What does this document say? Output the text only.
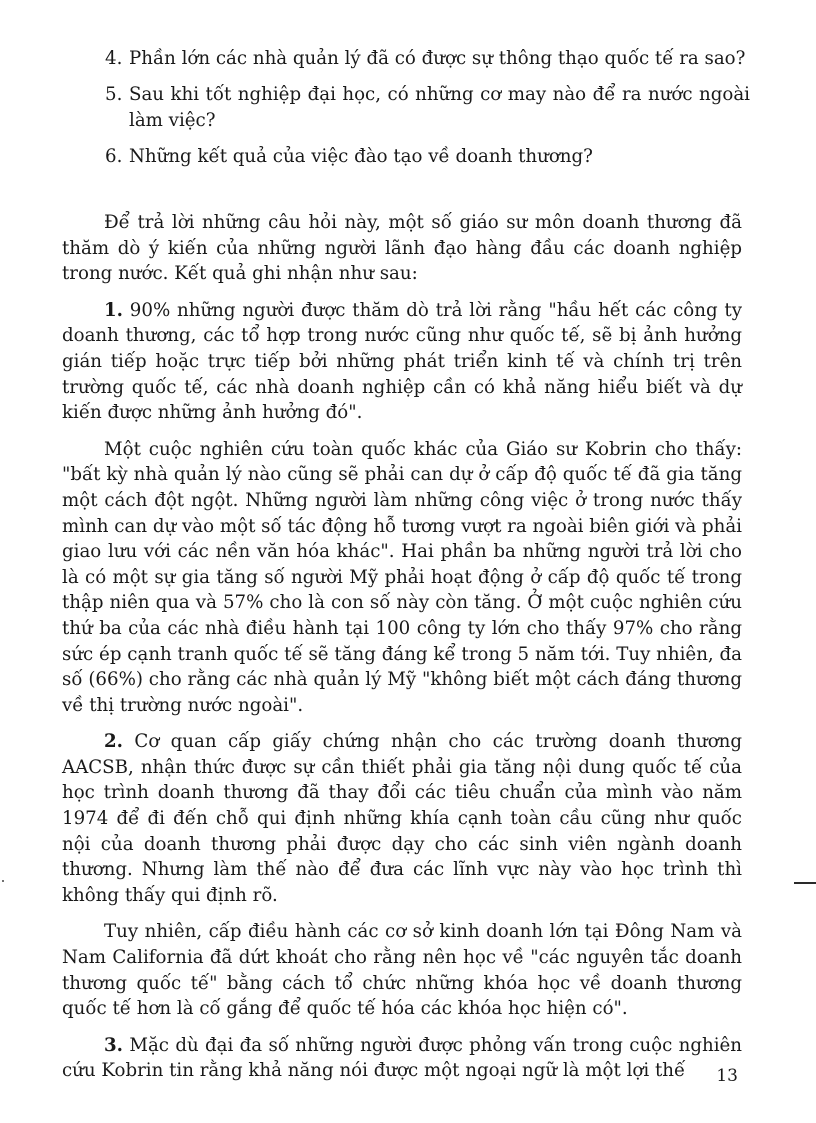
4. Phần lớn các nhà quản lý đã có được sự thông thạo quốc tế ra sao?
5. Sau khi tốt nghiệp đại học, có những cơ may nào để ra nước ngoài làm việc?
6. Những kết quả của việc đào tạo về doanh thương?

Để trả lời những câu hỏi này, một số giáo sư môn doanh thương đã thăm dò ý kiến của những người lãnh đạo hàng đầu các doanh nghiệp trong nước. Kết quả ghi nhận như sau:

1. 90% những người được thăm dò trả lời rằng "hầu hết các công ty doanh thương, các tổ hợp trong nước cũng như quốc tế, sẽ bị ảnh hưởng gián tiếp hoặc trực tiếp bởi những phát triển kinh tế và chính trị trên trường quốc tế, các nhà doanh nghiệp cần có khả năng hiểu biết và dự kiến được những ảnh hưởng đó".

Một cuộc nghiên cứu toàn quốc khác của Giáo sư Kobrin cho thấy: "bất kỳ nhà quản lý nào cũng sẽ phải can dự ở cấp độ quốc tế đã gia tăng một cách đột ngột. Những người làm những công việc ở trong nước thấy mình can dự vào một số tác động hỗ tương vượt ra ngoài biên giới và phải giao lưu với các nền văn hóa khác". Hai phần ba những người trả lời cho là có một sự gia tăng số người Mỹ phải hoạt động ở cấp độ quốc tế trong thập niên qua và 57% cho là con số này còn tăng. Ở một cuộc nghiên cứu thứ ba của các nhà điều hành tại 100 công ty lớn cho thấy 97% cho rằng sức ép cạnh tranh quốc tế sẽ tăng đáng kể trong 5 năm tới. Tuy nhiên, đa số (66%) cho rằng các nhà quản lý Mỹ "không biết một cách đáng thương về thị trường nước ngoài".

2. Cơ quan cấp giấy chứng nhận cho các trường doanh thương AACSB, nhận thức được sự cần thiết phải gia tăng nội dung quốc tế của học trình doanh thương đã thay đổi các tiêu chuẩn của mình vào năm 1974 để đi đến chỗ qui định những khía cạnh toàn cầu cũng như quốc nội của doanh thương phải được dạy cho các sinh viên ngành doanh thương. Nhưng làm thế nào để đưa các lĩnh vực này vào học trình thì không thấy qui định rõ.

Tuy nhiên, cấp điều hành các cơ sở kinh doanh lớn tại Đông Nam và Nam California đã dứt khoát cho rằng nên học về "các nguyên tắc doanh thương quốc tế" bằng cách tổ chức những khóa học về doanh thương quốc tế hơn là cố gắng để quốc tế hóa các khóa học hiện có".

3. Mặc dù đại đa số những người được phỏng vấn trong cuộc nghiên cứu Kobrin tin rằng khả năng nói được một ngoại ngữ là một lợi thế	13
